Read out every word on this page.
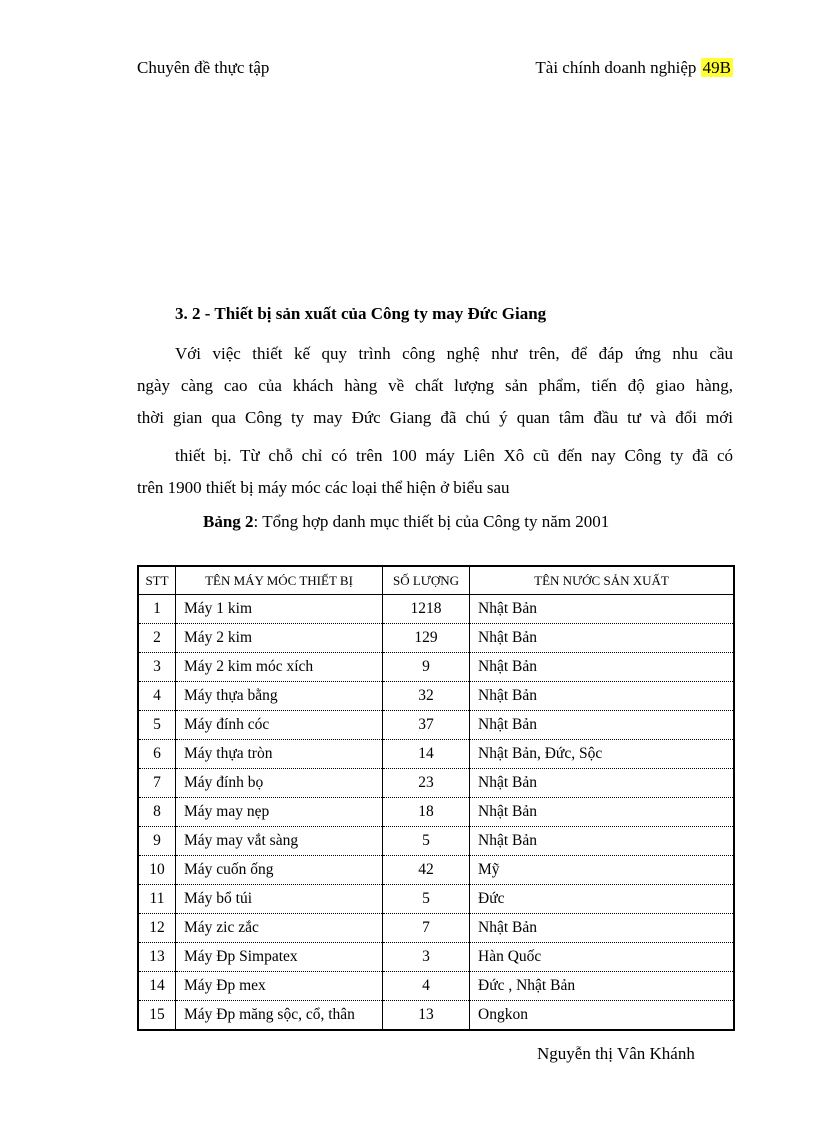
Chuyên đề thực tập	Tài chính doanh nghiệp 49B
3. 2 - Thiết bị sản xuất của Công ty may Đức Giang
Với việc thiết kế quy trình công nghệ như trên, để đáp ứng nhu cầu
ngày càng cao của khách hàng về chất lượng sản phẩm, tiến độ giao hàng,
thời gian qua Công ty may Đức Giang đã chú ý quan tâm đầu tư và đổi mới
thiết bị. Từ chỗ chỉ có trên 100 máy Liên Xô cũ đến nay Công ty đã có
trên 1900 thiết bị máy móc các loại thể hiện ở biểu sau
Bảng 2: Tổng hợp danh mục thiết bị của Công ty năm 2001
STT	TÊN MÁY MÓC THIẾT BỊ	SỐ LƯỢNG	TÊN NƯỚC SẢN XUẤT
1	Máy 1 kim	1218	Nhật Bản
2	Máy 2 kim	129	Nhật Bản
3	Máy 2 kim móc xích	9	Nhật Bản
4	Máy thựa bằng	32	Nhật Bản
5	Máy đính cóc	37	Nhật Bản
6	Máy thựa tròn	14	Nhật Bản, Đức, Sộc
7	Máy đính bọ	23	Nhật Bản
8	Máy may nẹp	18	Nhật Bản
9	Máy may vắt sàng	5	Nhật Bản
10	Máy cuốn ống	42	Mỹ
11	Máy bổ túi	5	Đức
12	Máy zic zắc	7	Nhật Bản
13	Máy Đp Simpatex	3	Hàn Quốc
14	Máy Đp mex	4	Đức , Nhật Bản
15	Máy Đp măng sộc, cổ, thân	13	Ongkon
Nguyễn thị Vân Khánh
